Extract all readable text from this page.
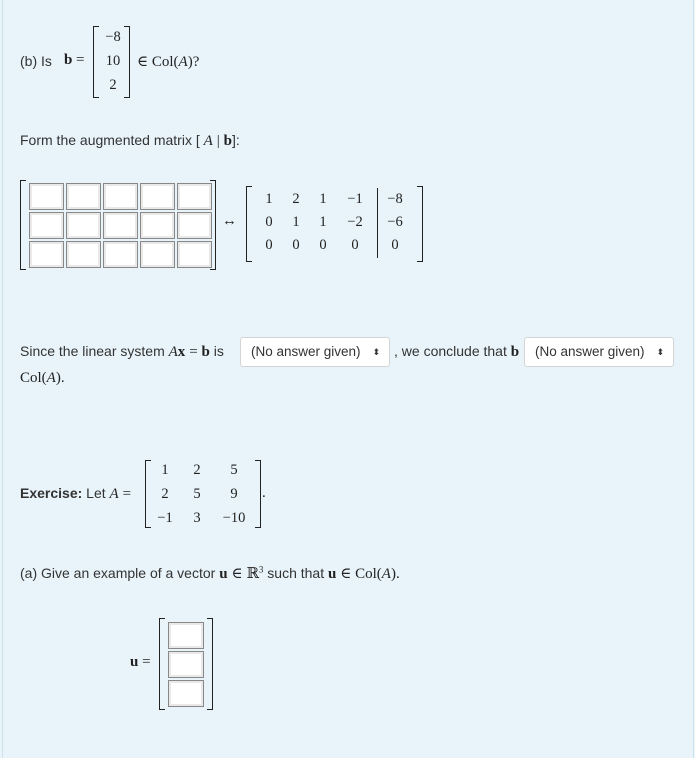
(b) Is b =
−8
10
2
∈ Col(A)?
Form the augmented matrix [ A | b]:
↔
1	2	1	−1	−8
0	1	1	−2	−6
0	0	0	0	0
Since the linear system Ax = b is	(No answer given) ⬍ , we conclude that b	(No answer given) ⬍
Col(A).
Exercise: Let A =
1	2	5
2	5	9
−1	3	−10
.
(a) Give an example of a vector u ∈ ℝ$^3$ such that u ∈ Col(A).
u =
